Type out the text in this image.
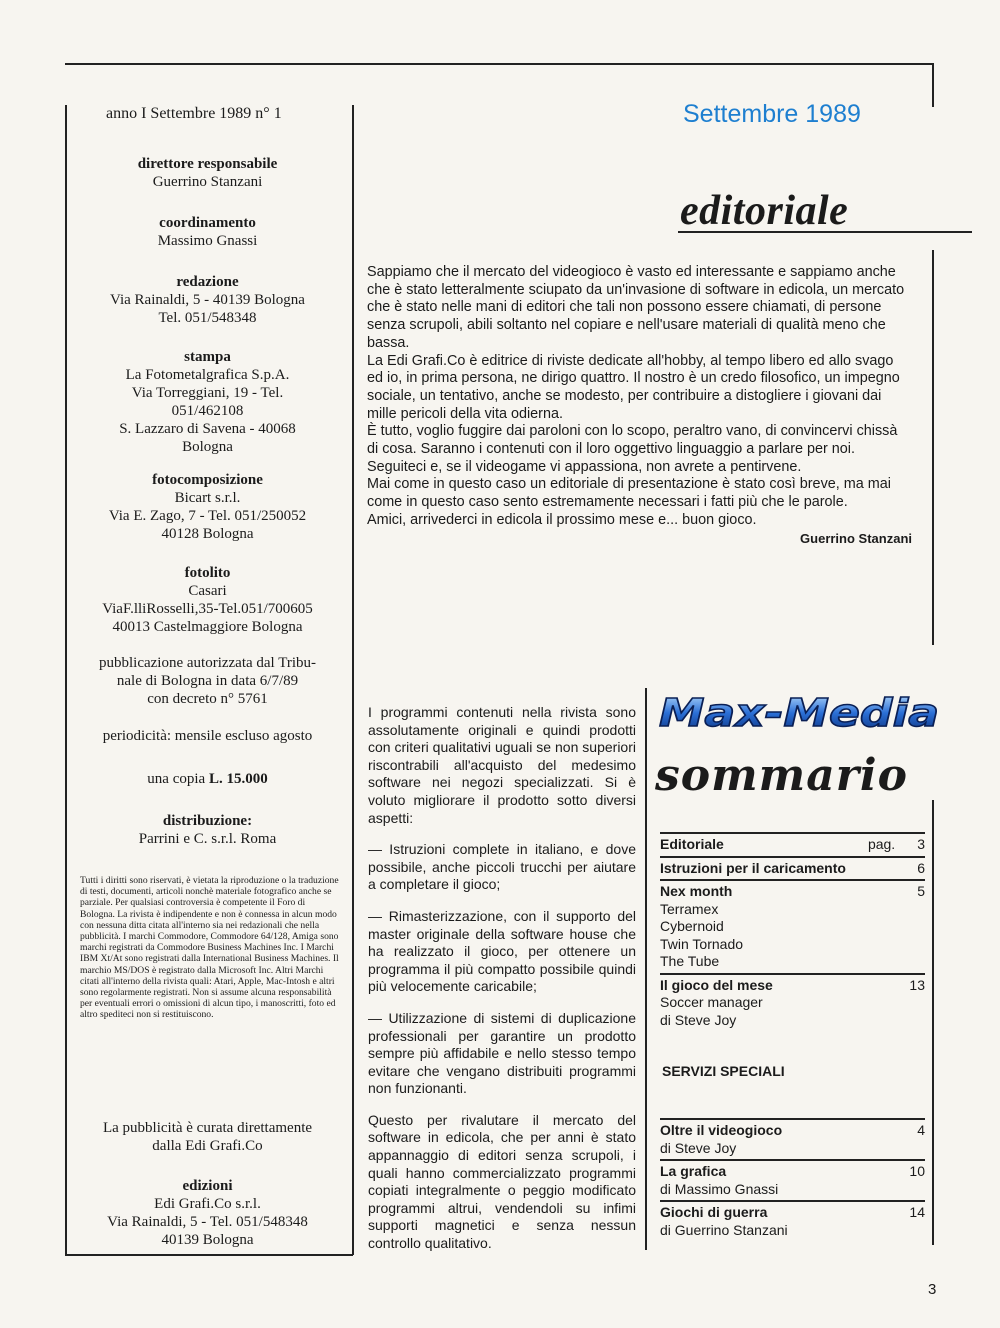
anno I Settembre 1989 n° 1
direttore responsabile
Guerrino Stanzani
coordinamento
Massimo Gnassi
redazione
Via Rainaldi, 5 - 40139 Bologna
Tel. 051/548348
stampa
La Fotometalgrafica S.p.A.
Via Torreggiani, 19 - Tel.
051/462108
S. Lazzaro di Savena - 40068
Bologna
fotocomposizione
Bicart s.r.l.
Via E. Zago, 7 - Tel. 051/250052
40128 Bologna
fotolito
Casari
ViaF.lliRosselli,35-Tel.051/700605
40013 Castelmaggiore Bologna
pubblicazione autorizzata dal Tribu-
nale di Bologna in data 6/7/89
con decreto n° 5761
periodicità: mensile escluso agosto
una copia L. 15.000
distribuzione:
Parrini e C. s.r.l. Roma
Tutti i diritti sono riservati, è vietata la riproduzione o la traduzione di testi, documenti, articoli nonchè materiale fotografico anche se parziale. Per qualsiasi controversia è competente il Foro di Bologna. La rivista è indipendente e non è connessa in alcun modo con nessuna ditta citata all'interno sia nei redazionali che nella pubblicità. I marchi Commodore, Commodore 64/128, Amiga sono marchi registrati da Commodore Business Machines Inc. I Marchi IBM Xt/At sono registrati dalla International Business Machines. Il marchio MS/DOS è registrato dalla Microsoft Inc. Altri Marchi citati all'interno della rivista quali: Atari, Apple, Mac-Intosh e altri sono regolarmente registrati. Non si assume alcuna responsabilità per eventuali errori o omissioni di alcun tipo, i manoscritti, foto ed altro spediteci non si restituiscono.
La pubblicità è curata direttamente
dalla Edi Grafi.Co
edizioni
Edi Grafi.Co s.r.l.
Via Rainaldi, 5 - Tel. 051/548348
40139 Bologna
Settembre 1989
editoriale

Sappiamo che il mercato del videogioco è vasto ed interessante e sappiamo anche che è stato letteralmente sciupato da un'invasione di software in edicola, un mercato che è stato nelle mani di editori che tali non possono essere chiamati, di persone senza scrupoli, abili soltanto nel copiare e nell'usare materiali di qualità meno che bassa.

La Edi Grafi.Co è editrice di riviste dedicate all'hobby, al tempo libero ed allo svago ed io, in prima persona, ne dirigo quattro. Il nostro è un credo filosofico, un impegno sociale, un tentativo, anche se modesto, per contribuire a distogliere i giovani dai mille pericoli della vita odierna.

È tutto, voglio fuggire dai paroloni con lo scopo, peraltro vano, di convincervi chissà di cosa. Saranno i contenuti con il loro oggettivo linguaggio a parlare per noi. Seguiteci e, se il videogame vi appassiona, non avrete a pentirvene.

Mai come in questo caso un editoriale di presentazione è stato così breve, ma mai come in questo caso sento estremamente necessari i fatti più che le parole.

Amici, arrivederci in edicola il prossimo mese e... buon gioco.

Guerrino Stanzani

I programmi contenuti nella rivista sono assolutamente originali e quindi prodotti con criteri qualitativi uguali se non superiori riscontrabili all'acquisto del medesimo software nei negozi specializzati. Si è voluto migliorare il prodotto sotto diversi aspetti:

— Istruzioni complete in italiano, e dove possibile, anche piccoli trucchi per aiutare a completare il gioco;

— Rimasterizzazione, con il supporto del master originale della software house che ha realizzato il gioco, per ottenere un programma il più compatto possibile quindi più velocemente caricabile;

— Utilizzazione di sistemi di duplicazione professionali per garantire un prodotto sempre più affidabile e nello stesso tempo evitare che vengano distribuiti programmi non funzionanti.

Questo per rivalutare il mercato del software in edicola, che per anni è stato appannaggio di editori senza scrupoli, i quali hanno commercializzato programmi copiati integralmente o peggio modificato programmi altrui, vendendoli su infimi supporti magnetici e senza nessun controllo qualitativo.

Max-Media
sommario
Editoriale	pag. 3
Istruzioni per il caricamento	6
Nex month	5
Terramex
Cybernoid
Twin Tornado
The Tube
Il gioco del mese	13
Soccer manager
di Steve Joy
SERVIZI SPECIALI
Oltre il videogioco	4
di Steve Joy
La grafica	10
di Massimo Gnassi
Giochi di guerra	14
di Guerrino Stanzani
3
